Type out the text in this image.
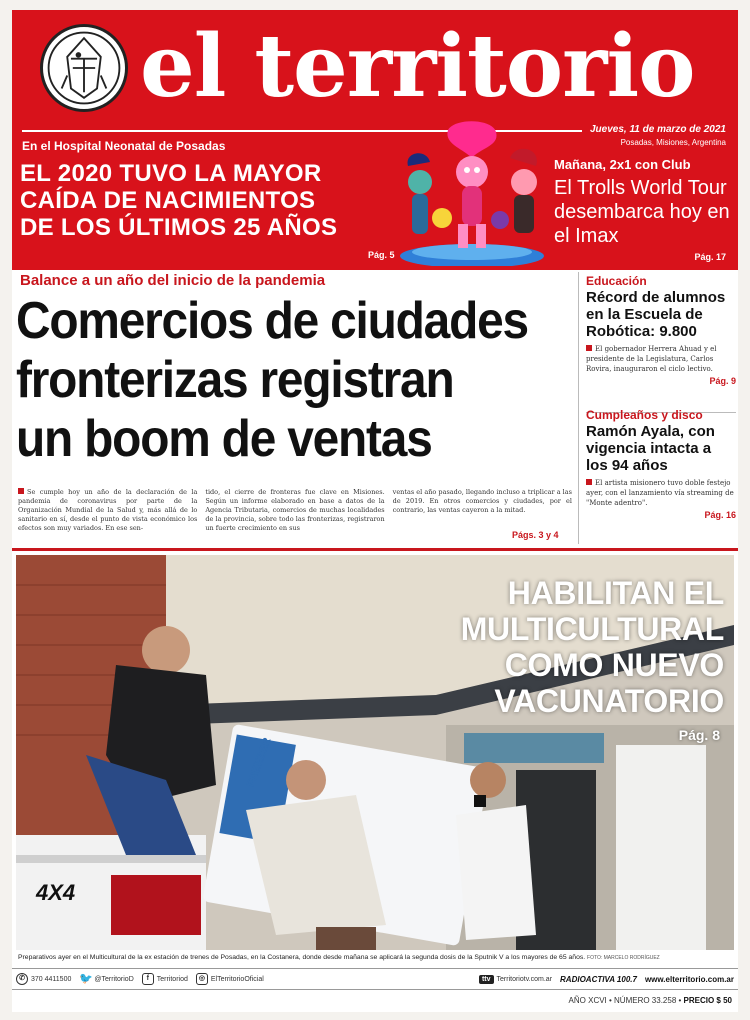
el territorio
Jueves, 11 de marzo de 2021
Posadas, Misiones, Argentina
En el Hospital Neonatal de Posadas
EL 2020 TUVO LA MAYOR
CAÍDA DE NACIMIENTOS
DE LOS ÚLTIMOS 25 AÑOS
Pág. 5
Mañana, 2x1 con Club
El Trolls World Tour desembarca hoy en el Imax
Pág. 17
Balance a un año del inicio de la pandemia
Comercios de ciudades
fronterizas registran
un boom de ventas
Se cumple hoy un año de la declaración de la pandemia de coronavirus por parte de la Organización Mundial de la Salud y, más allá de lo sanitario en sí, desde el punto de vista económico los efectos son muy variados. En ese sen-
tido, el cierre de fronteras fue clave en Misiones. Según un informe elaborado en base a datos de la Agencia Tributaria, comercios de muchas localidades de la provincia, sobre todo las fronterizas, registraron un fuerte crecimiento en sus
ventas el año pasado, llegando incluso a triplicar a las de 2019. En otros comercios y ciudades, por el contrario, las ventas cayeron a la mitad.
Págs. 3 y 4
Educación
Récord de alumnos en la Escuela de Robótica: 9.800
El gobernador Herrera Ahuad y el presidente de la Legislatura, Carlos Rovira, inauguraron el ciclo lectivo.
Pág. 9
Cumpleaños y disco
Ramón Ayala, con vigencia intacta a los 94 años
El artista misionero tuvo doble festejo ayer, con el lanzamiento vía streaming de "Monte adentro".
Pág. 16
4X4
FREEZER
HABILITAN EL
MULTICULTURAL
COMO NUEVO
VACUNATORIO
Pág. 8
Preparativos ayer en el Multicultural de la ex estación de trenes de Posadas, en la Costanera, donde desde mañana se aplicará la segunda dosis de la Sputnik V a los mayores de 65 años. FOTO: MARCELO RODRÍGUEZ
✆ 370 4411500 🐦 @TerritorioD	f	Territoriod	◎ ElTerritorioOficial	ttv Territoriotv.com.ar RADIOACTIVA 100.7 www.elterritorio.com.ar
AÑO XCVI • NÚMERO 33.258 • PRECIO $ 50
